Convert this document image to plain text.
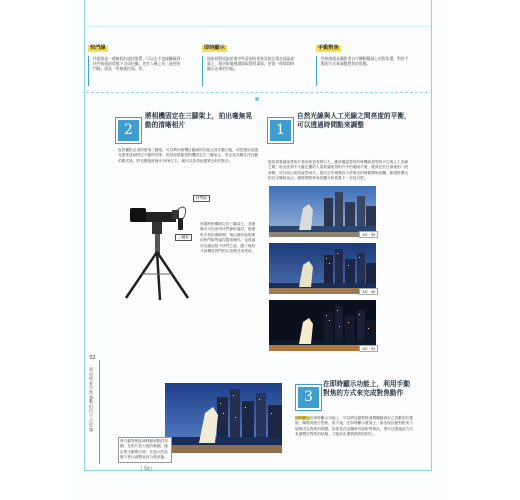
快門線
所謂的是一種線狀的遙控裝置，可以在不直接觸碰到快門按鈕的狀態下完成拍攝。也有人稱之為「遙控快門線」或是「有線遙控器」等。
即時顯示
指如同將望取景器中所看到的景象直接呈現在液晶螢幕上，將由影像感測器取得的畫面，於第一時間即時顯示出來的功能。
手動對焦
所指的就是攝影者自行轉動鏡頭上的對焦環，利用手動的方式來調整對焦的狀態。
2
將相機固定在三腳架上，拍出毫無晃動的清晰相片
夜景攝影必須得使用三腳架，可以利用相機自動調的功能完成手動功能，或是運用高感光度來達到固定不動的效果。但是如果能把相機固定在三腳架上，設定為光圈先決自動的模式後，將光圈值度縮小至F8左右，便可以拍得到畫質良好的相片。
快門線
三腳架
設置將相機固定於三腳架上，並兼備另可以使用快門線的遙控，能避免手持拍照瞬間，幾以最好能夠使用快門線等遙控器來操作。也建議可以運用按下快門之後，隔了幾秒才會釋放快門的自拍模式來使用。
1
自然光線與人工光線之間亮度的平衡，可以透過時間點來調整
航黃昏要讓夜景相片看起來更有吸引人，應該儘量等待的時機就是等待天空與人工光線之間，取光度到不太確定樓的人量要讓夜景相片中的明暗平衡，應該在於日落後的一段時間，可以拍出來的夜景相片，從天空中還殘存少許微光的時候開始拍攝，都很推薦光拍完全變暗為止。隨時間推移而拍攝分析看看下一步技巧吧。
18：35
18：40
18：45
將自動對焦區域移動到點的周圍，在相片放大後的範圍，確定要手動模式時，在放大的狀態下進行調整直到合焦狀態。
3
在即時顯示功能上，利用手動對焦的方式來完成對焦動作
即時顯示在即時顯示功能上，可以將自動對焦進模擬動到自己喜歡的位置後，陳要再進行對焦。但不過，在即時顯示畫面上，會出現自動對焦所不能夠因為對焦的問題。如果是在拍攝時有陰影等情況，則可以透過此方法來調整好對焦的狀態，才能拍出畫質精美的相片。
02
利用夜景自然感動拍出不可思議
| 50 |
